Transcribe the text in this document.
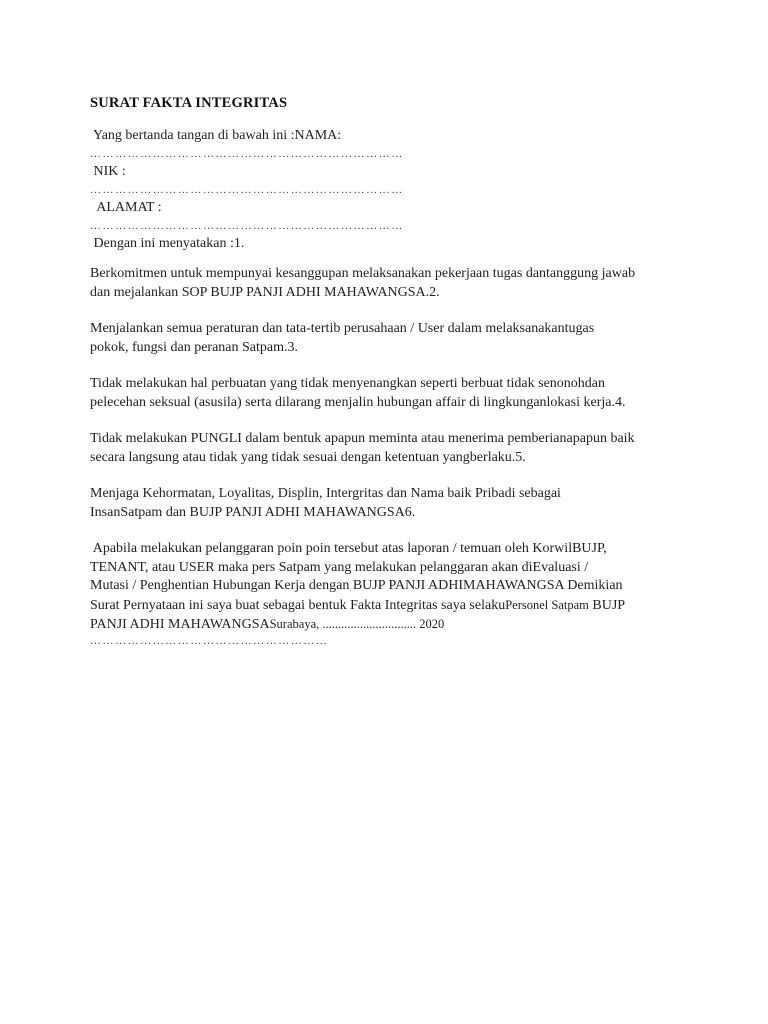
SURAT FAKTA INTEGRITAS
Yang bertanda tangan di bawah ini :NAMA:
…………………………………………………………………
NIK :
…………………………………………………………………
ALAMAT :
…………………………………………………………………
Dengan ini menyatakan :1.
Berkomitmen untuk mempunyai kesanggupan melaksanakan pekerjaan tugas dantanggung jawab
dan mejalankan SOP BUJP PANJI ADHI MAHAWANGSA.2.
Menjalankan semua peraturan dan tata-tertib perusahaan / User dalam melaksanakantugas
pokok, fungsi dan peranan Satpam.3.
Tidak melakukan hal perbuatan yang tidak menyenangkan seperti berbuat tidak senonohdan
pelecehan seksual (asusila) serta dilarang menjalin hubungan affair di lingkunganlokasi kerja.4.
Tidak melakukan PUNGLI dalam bentuk apapun meminta atau menerima pemberianapapun baik
secara langsung atau tidak yang tidak sesuai dengan ketentuan yangberlaku.5.
Menjaga Kehormatan, Loyalitas, Displin, Intergritas dan Nama baik Pribadi sebagai
InsanSatpam dan BUJP PANJI ADHI MAHAWANGSA6.
Apabila melakukan pelanggaran poin poin tersebut atas laporan / temuan oleh KorwilBUJP,
TENANT, atau USER maka pers Satpam yang melakukan pelanggaran akan diEvaluasi /
Mutasi / Penghentian Hubungan Kerja dengan BUJP PANJI ADHIMAHAWANGSA Demikian
Surat Pernyataan ini saya buat sebagai bentuk Fakta Integritas saya selakuPersonel Satpam BUJP
PANJI ADHI MAHAWANGSASurabaya, .............................. 2020
…………………………………………………
